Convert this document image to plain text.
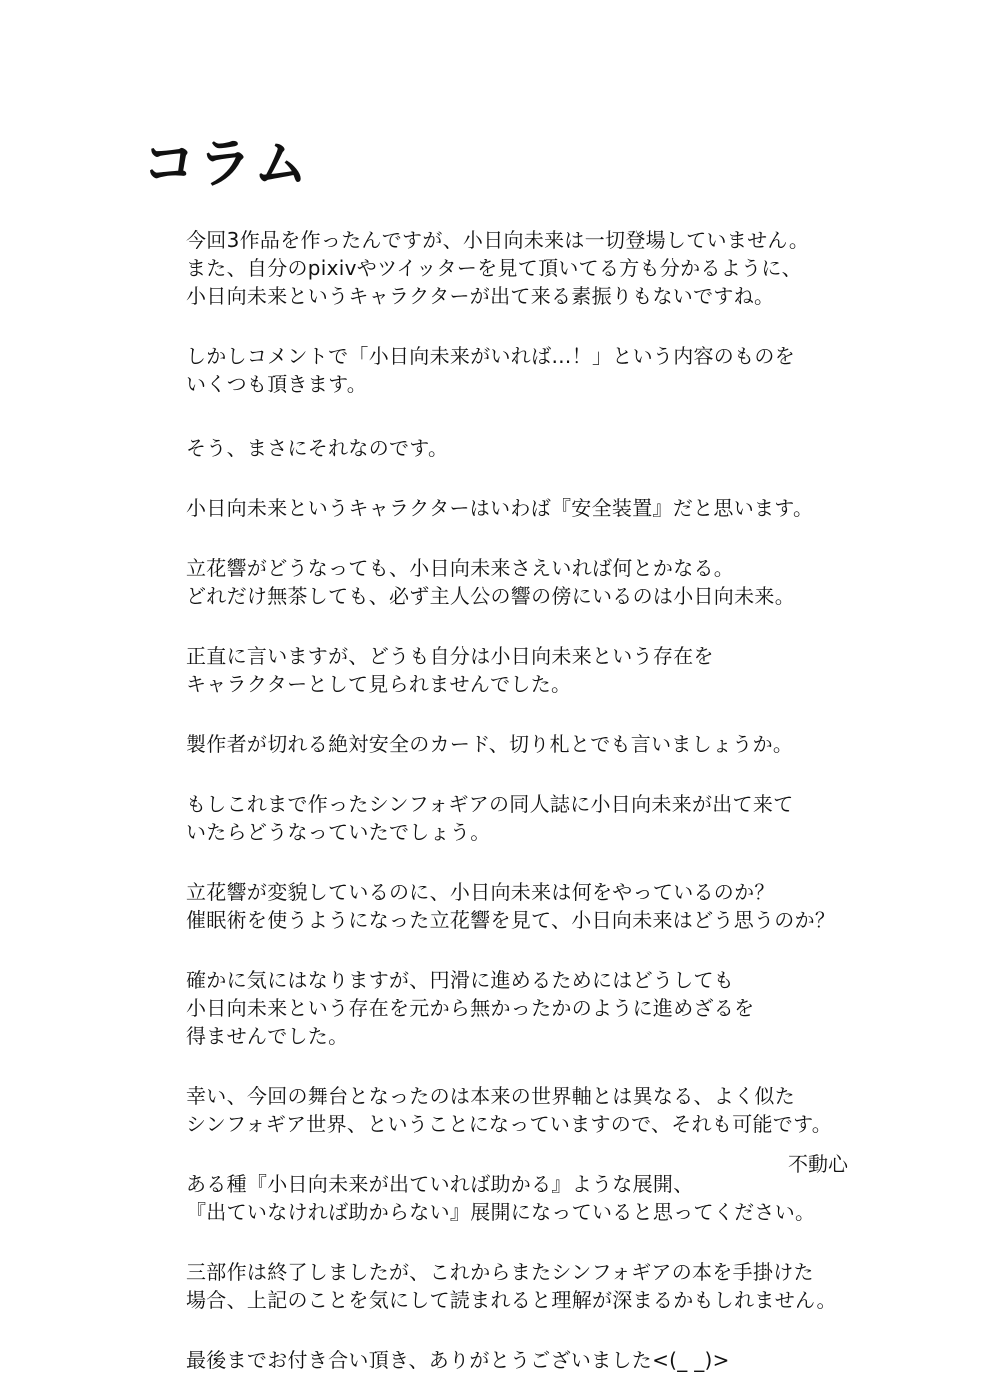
コラム
今回3作品を作ったんですが、小日向未来は一切登場していません。
また、自分のpixivやツイッターを見て頂いてる方も分かるように、
小日向未来というキャラクターが出て来る素振りもないですね。
しかしコメントで「小日向未来がいれば…！」という内容のものを
いくつも頂きます。
そう、まさにそれなのです。
小日向未来というキャラクターはいわば『安全装置』だと思います。
立花響がどうなっても、小日向未来さえいれば何とかなる。
どれだけ無茶しても、必ず主人公の響の傍にいるのは小日向未来。
正直に言いますが、どうも自分は小日向未来という存在を
キャラクターとして見られませんでした。
製作者が切れる絶対安全のカード、切り札とでも言いましょうか。
もしこれまで作ったシンフォギアの同人誌に小日向未来が出て来て
いたらどうなっていたでしょう。
立花響が変貌しているのに、小日向未来は何をやっているのか？
催眠術を使うようになった立花響を見て、小日向未来はどう思うのか？
確かに気にはなりますが、円滑に進めるためにはどうしても
小日向未来という存在を元から無かったかのように進めざるを
得ませんでした。
幸い、今回の舞台となったのは本来の世界軸とは異なる、よく似た
シンフォギア世界、ということになっていますので、それも可能です。
ある種『小日向未来が出ていれば助かる』ような展開、
『出ていなければ助からない』展開になっていると思ってください。
三部作は終了しましたが、これからまたシンフォギアの本を手掛けた
場合、上記のことを気にして読まれると理解が深まるかもしれません。
最後までお付き合い頂き、ありがとうございました<(_ _)>

不動心
